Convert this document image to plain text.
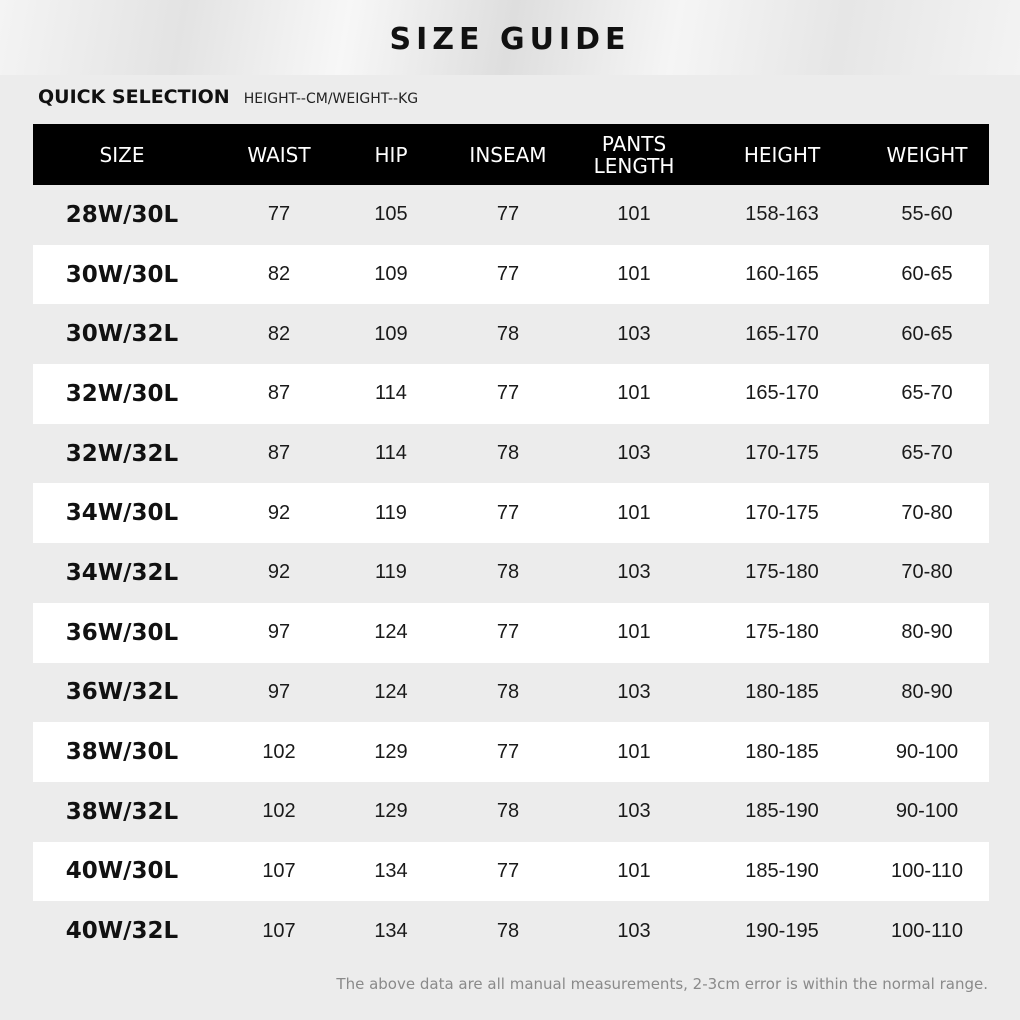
SIZE GUIDE
QUICK SELECTION HEIGHT--CM/WEIGHT--KG
SIZE	WAIST	HIP	INSEAM	PANTS LENGTH	HEIGHT	WEIGHT
28W/30L	77	105	77	101	158-163	55-60
30W/30L	82	109	77	101	160-165	60-65
30W/32L	82	109	78	103	165-170	60-65
32W/30L	87	114	77	101	165-170	65-70
32W/32L	87	114	78	103	170-175	65-70
34W/30L	92	119	77	101	170-175	70-80
34W/32L	92	119	78	103	175-180	70-80
36W/30L	97	124	77	101	175-180	80-90
36W/32L	97	124	78	103	180-185	80-90
38W/30L	102	129	77	101	180-185	90-100
38W/32L	102	129	78	103	185-190	90-100
40W/30L	107	134	77	101	185-190	100-110
40W/32L	107	134	78	103	190-195	100-110
The above data are all manual measurements, 2-3cm error is within the normal range.
